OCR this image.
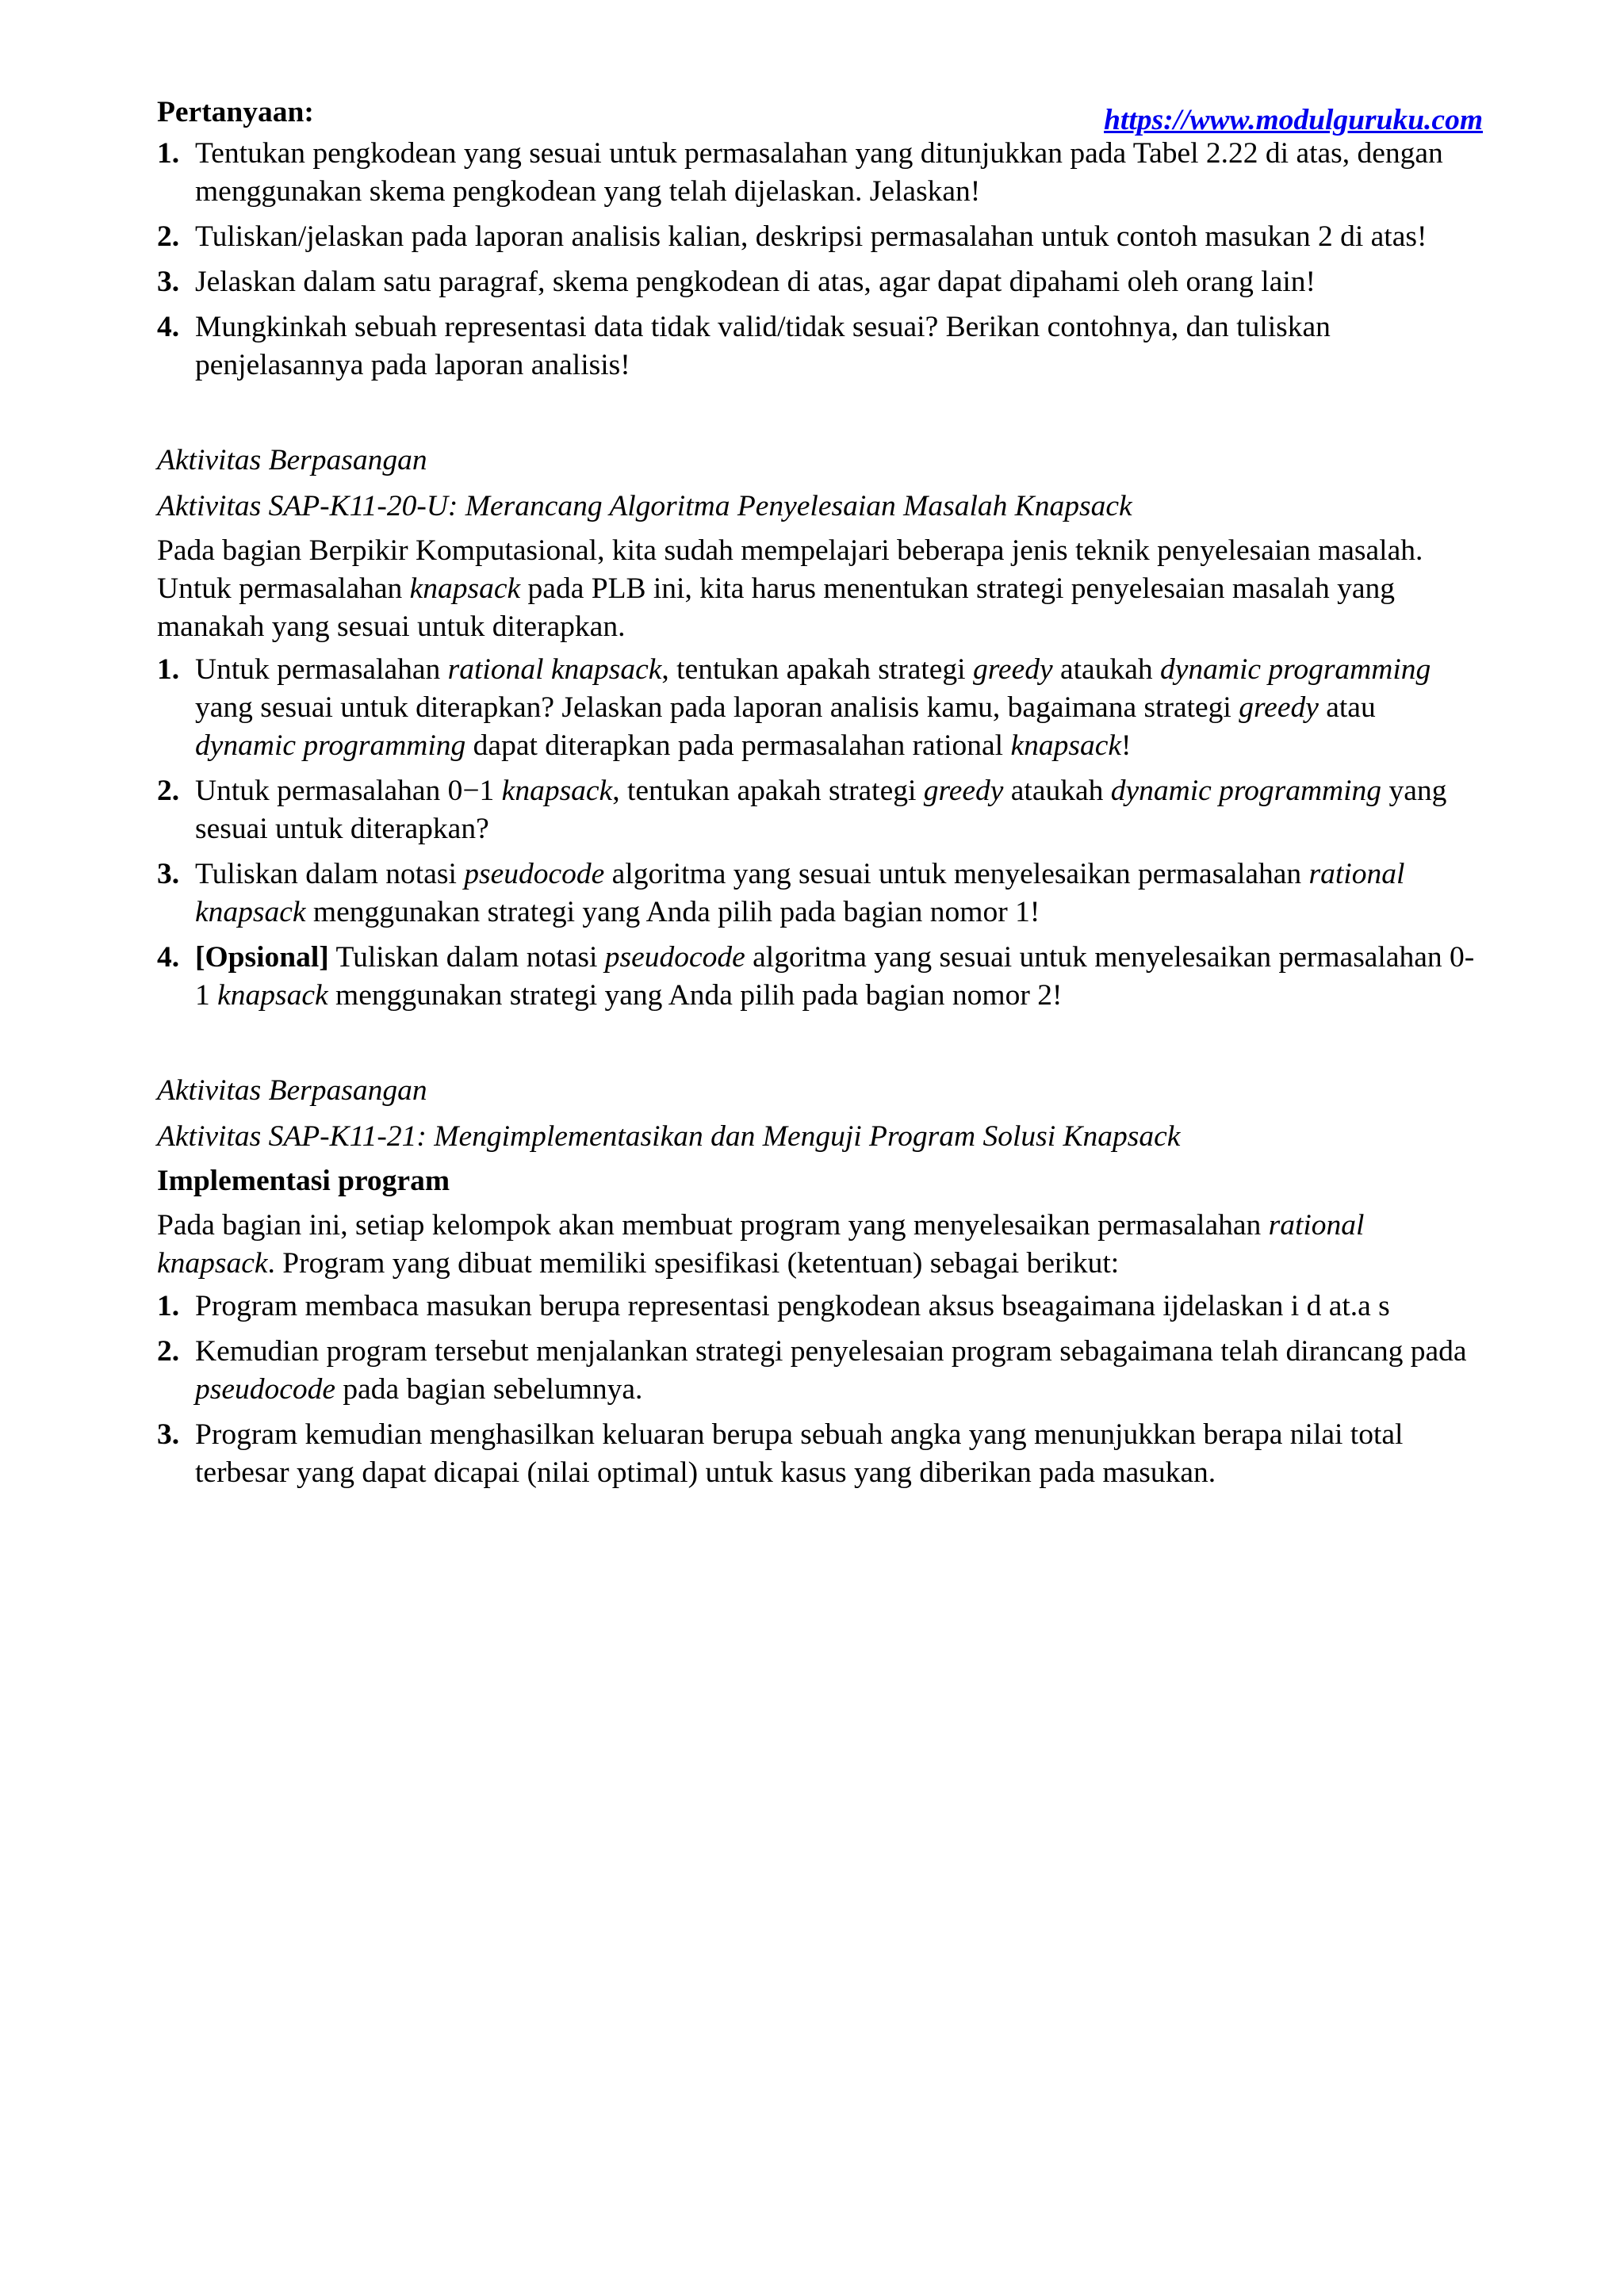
https://www.modulguruku.com

Pertanyaan:

1. Tentukan pengkodean yang sesuai untuk permasalahan yang ditunjukkan pada Tabel 2.22 di atas, dengan menggunakan skema pengkodean yang telah dijelaskan. Jelaskan!
2. Tuliskan/jelaskan pada laporan analisis kalian, deskripsi permasalahan untuk contoh masukan 2 di atas!
3. Jelaskan dalam satu paragraf, skema pengkodean di atas, agar dapat dipahami oleh orang lain!
4. Mungkinkah sebuah representasi data tidak valid/tidak sesuai? Berikan contohnya, dan tuliskan penjelasannya pada laporan analisis!

Aktivitas Berpasangan

Aktivitas SAP-K11-20-U: Merancang Algoritma Penyelesaian Masalah Knapsack

Pada bagian Berpikir Komputasional, kita sudah mempelajari beberapa jenis teknik penyelesaian masalah. Untuk permasalahan knapsack pada PLB ini, kita harus menentukan strategi penyelesaian masalah yang manakah yang sesuai untuk diterapkan.

1. Untuk permasalahan rational knapsack, tentukan apakah strategi greedy ataukah dynamic programming yang sesuai untuk diterapkan? Jelaskan pada laporan analisis kamu, bagaimana strategi greedy atau dynamic programming dapat diterapkan pada permasalahan rational knapsack!
2. Untuk permasalahan 0−1 knapsack, tentukan apakah strategi greedy ataukah dynamic programming yang sesuai untuk diterapkan?
3. Tuliskan dalam notasi pseudocode algoritma yang sesuai untuk menyelesaikan permasalahan rational knapsack menggunakan strategi yang Anda pilih pada bagian nomor 1!
4. [Opsional] Tuliskan dalam notasi pseudocode algoritma yang sesuai untuk menyelesaikan permasalahan 0-1 knapsack menggunakan strategi yang Anda pilih pada bagian nomor 2!

Aktivitas Berpasangan

Aktivitas SAP-K11-21: Mengimplementasikan dan Menguji Program Solusi Knapsack

Implementasi program

Pada bagian ini, setiap kelompok akan membuat program yang menyelesaikan permasalahan rational knapsack. Program yang dibuat memiliki spesifikasi (ketentuan) sebagai berikut:

1. Program membaca masukan berupa representasi pengkodean aksus bseagaimana ijdelaskan i d at.a s
2. Kemudian program tersebut menjalankan strategi penyelesaian program sebagaimana telah dirancang pada pseudocode pada bagian sebelumnya.
3. Program kemudian menghasilkan keluaran berupa sebuah angka yang menunjukkan berapa nilai total terbesar yang dapat dicapai (nilai optimal) untuk kasus yang diberikan pada masukan.
